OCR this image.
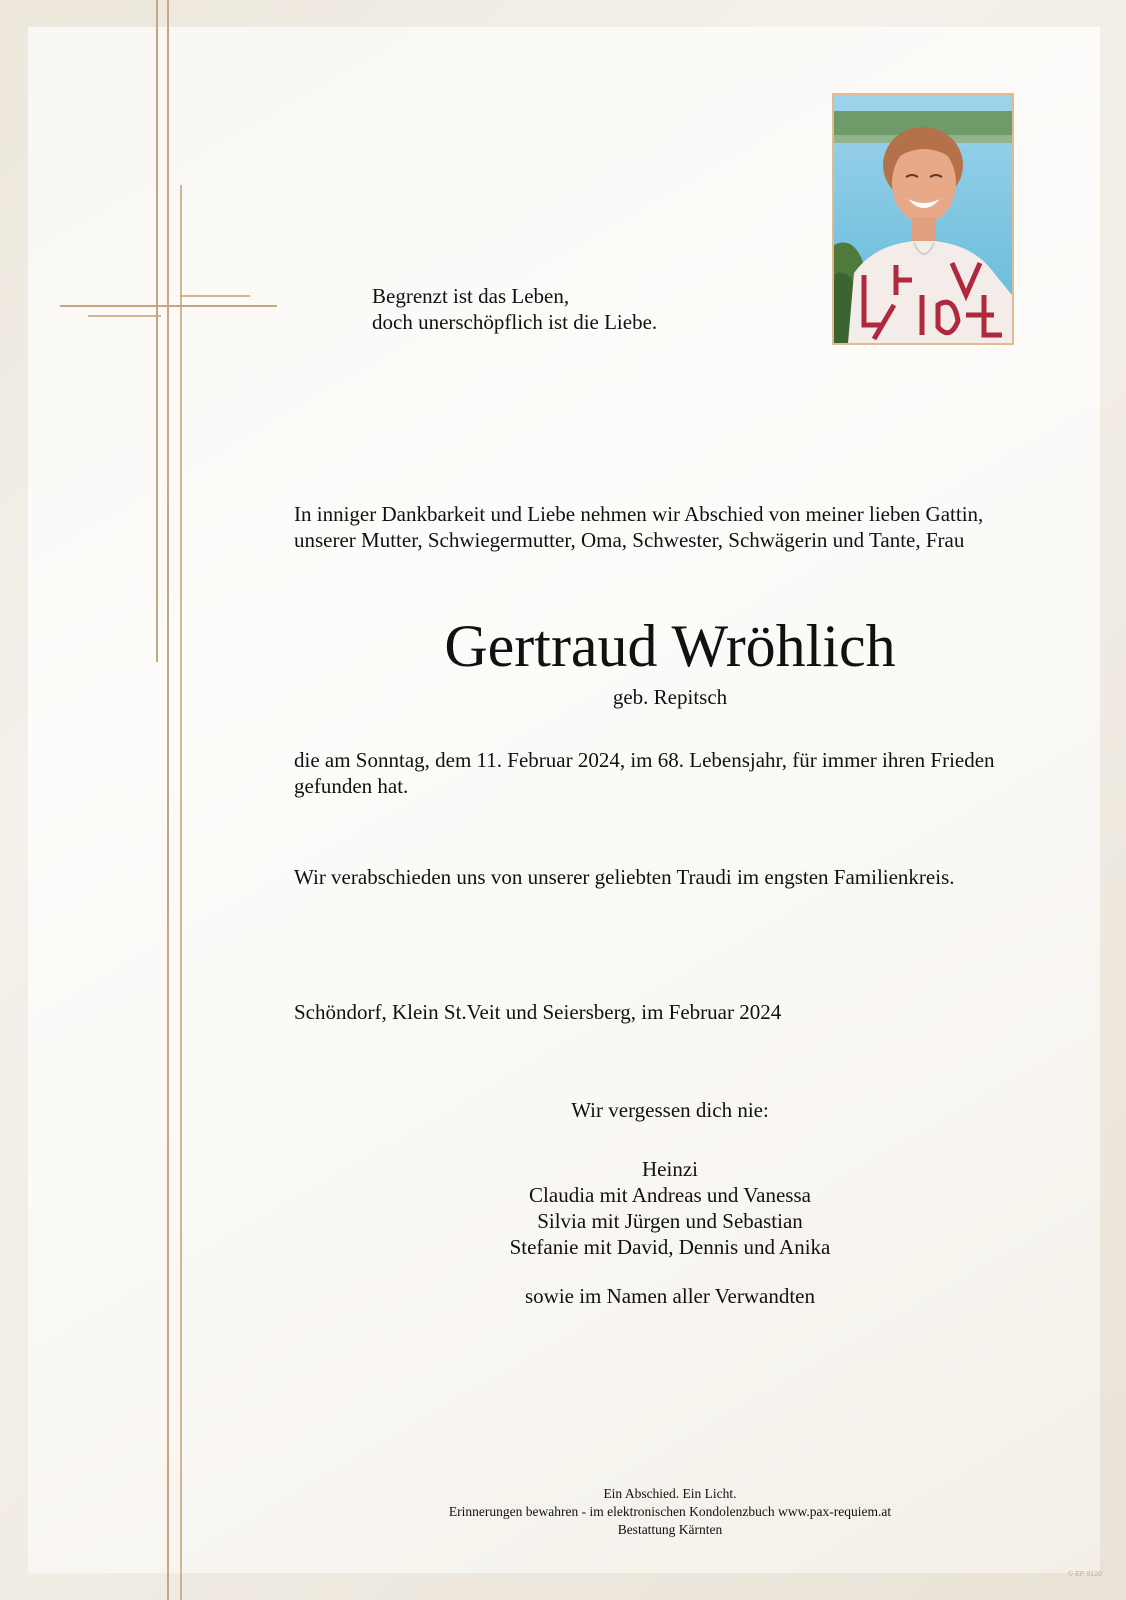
Begrenzt ist das Leben,
doch unerschöpflich ist die Liebe.
In inniger Dankbarkeit und Liebe nehmen wir Abschied von meiner lieben Gattin,
unserer Mutter, Schwiegermutter, Oma, Schwester, Schwägerin und Tante, Frau
Gertraud Wröhlich
geb. Repitsch
die am Sonntag, dem 11. Februar 2024, im 68. Lebensjahr, für immer ihren Frieden
gefunden hat.
Wir verabschieden uns von unserer geliebten Traudi im engsten Familienkreis.
Schöndorf, Klein St.Veit und Seiersberg, im Februar 2024
Wir vergessen dich nie:
Heinzi
Claudia mit Andreas und Vanessa
Silvia mit Jürgen und Sebastian
Stefanie mit David, Dennis und Anika
sowie im Namen aller Verwandten
Ein Abschied. Ein Licht.
Erinnerungen bewahren - im elektronischen Kondolenzbuch www.pax-requiem.at
Bestattung Kärnten
© EP 9120
